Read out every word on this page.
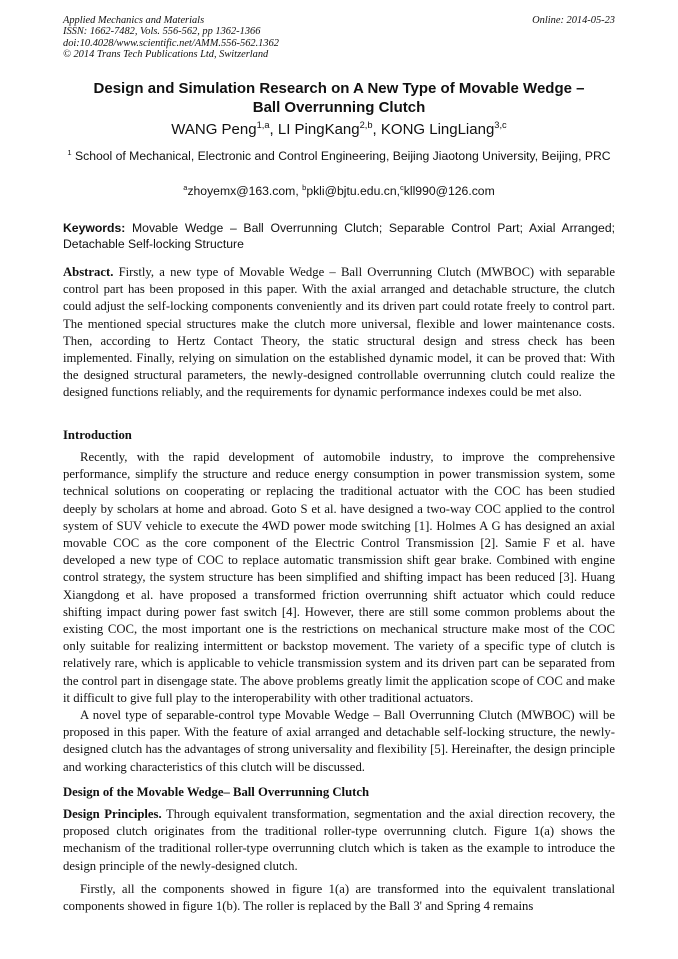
Applied Mechanics and Materials	Online: 2014-05-23
ISSN: 1662-7482, Vols. 556-562, pp 1362-1366
doi:10.4028/www.scientific.net/AMM.556-562.1362
© 2014 Trans Tech Publications Ltd, Switzerland
Design and Simulation Research on A New Type of Movable Wedge –
Ball Overrunning Clutch
WANG Peng$^{1,a}$, LI PingKang$^{2,b}$, KONG LingLiang$^{3,c}$
$^1$ School of Mechanical, Electronic and Control Engineering, Beijing Jiaotong University, Beijing, PRC
$^a$zhoyemx@163.com, $^b$pkli@bjtu.edu.cn,$^c$kll990@126.com
Keywords: Movable Wedge – Ball Overrunning Clutch; Separable Control Part; Axial Arranged; Detachable Self-locking Structure

Abstract. Firstly, a new type of Movable Wedge – Ball Overrunning Clutch (MWBOC) with separable control part has been proposed in this paper. With the axial arranged and detachable structure, the clutch could adjust the self-locking components conveniently and its driven part could rotate freely to control part. The mentioned special structures make the clutch more universal, flexible and lower maintenance costs. Then, according to Hertz Contact Theory, the static structural design and stress check has been implemented. Finally, relying on simulation on the established dynamic model, it can be proved that: With the designed structural parameters, the newly-designed controllable overrunning clutch could realize the designed functions reliably, and the requirements for dynamic performance indexes could be met also.

Introduction

Recently, with the rapid development of automobile industry, to improve the comprehensive performance, simplify the structure and reduce energy consumption in power transmission system, some technical solutions on cooperating or replacing the traditional actuator with the COC has been studied deeply by scholars at home and abroad. Goto S et al. have designed a two-way COC applied to the control system of SUV vehicle to execute the 4WD power mode switching [1]. Holmes A G has designed an axial movable COC as the core component of the Electric Control Transmission [2]. Samie F et al. have developed a new type of COC to replace automatic transmission shift gear brake. Combined with engine control strategy, the system structure has been simplified and shifting impact has been reduced [3]. Huang Xiangdong et al. have proposed a transformed friction overrunning shift actuator which could reduce shifting impact during power fast switch [4]. However, there are still some common problems about the existing COC, the most important one is the restrictions on mechanical structure make most of the COC only suitable for realizing intermittent or backstop movement. The variety of a specific type of clutch is relatively rare, which is applicable to vehicle transmission system and its driven part can be separated from the control part in disengage state. The above problems greatly limit the application scope of COC and make it difficult to give full play to the interoperability with other traditional actuators.

A novel type of separable-control type Movable Wedge – Ball Overrunning Clutch (MWBOC) will be proposed in this paper. With the feature of axial arranged and detachable self-locking structure, the newly-designed clutch has the advantages of strong universality and flexibility [5]. Hereinafter, the design principle and working characteristics of this clutch will be discussed.

Design of the Movable Wedge– Ball Overrunning Clutch

Design Principles. Through equivalent transformation, segmentation and the axial direction recovery, the proposed clutch originates from the traditional roller-type overrunning clutch. Figure 1(a) shows the mechanism of the traditional roller-type overrunning clutch which is taken as the example to introduce the design principle of the newly-designed clutch.

Firstly, all the components showed in figure 1(a) are transformed into the equivalent translational components showed in figure 1(b). The roller is replaced by the Ball 3' and Spring 4 remains
